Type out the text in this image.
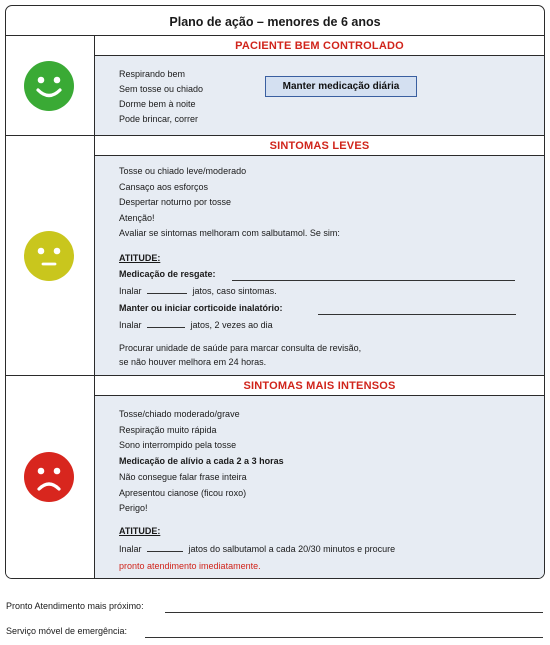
Plano de ação – menores de 6 anos
PACIENTE BEM CONTROLADO
Respirando bem
Sem tosse ou chiado
Dorme bem à noite
Pode brincar, correr
Manter medicação diária
SINTOMAS LEVES
Tosse ou chiado leve/moderado
Cansaço aos esforços
Despertar noturno por tosse
Atenção!
Avaliar se sintomas melhoram com salbutamol. Se sim:
ATITUDE:
Medicação de resgate:
Inalar	jatos, caso sintomas.
Manter ou iniciar corticoide inalatório:
Inalar	jatos, 2 vezes ao dia
Procurar unidade de saúde para marcar consulta de revisão,
se não houver melhora em 24 horas.
SINTOMAS MAIS INTENSOS
Tosse/chiado moderado/grave
Respiração muito rápida
Sono interrompido pela tosse
Medicação de alívio a cada 2 a 3 horas
Não consegue falar frase inteira
Apresentou cianose (ficou roxo)
Perigo!
ATITUDE:
Inalar	jatos do salbutamol a cada 20/30 minutos e procure
pronto atendimento imediatamente.
Pronto Atendimento mais próximo:
Serviço móvel de emergência:
